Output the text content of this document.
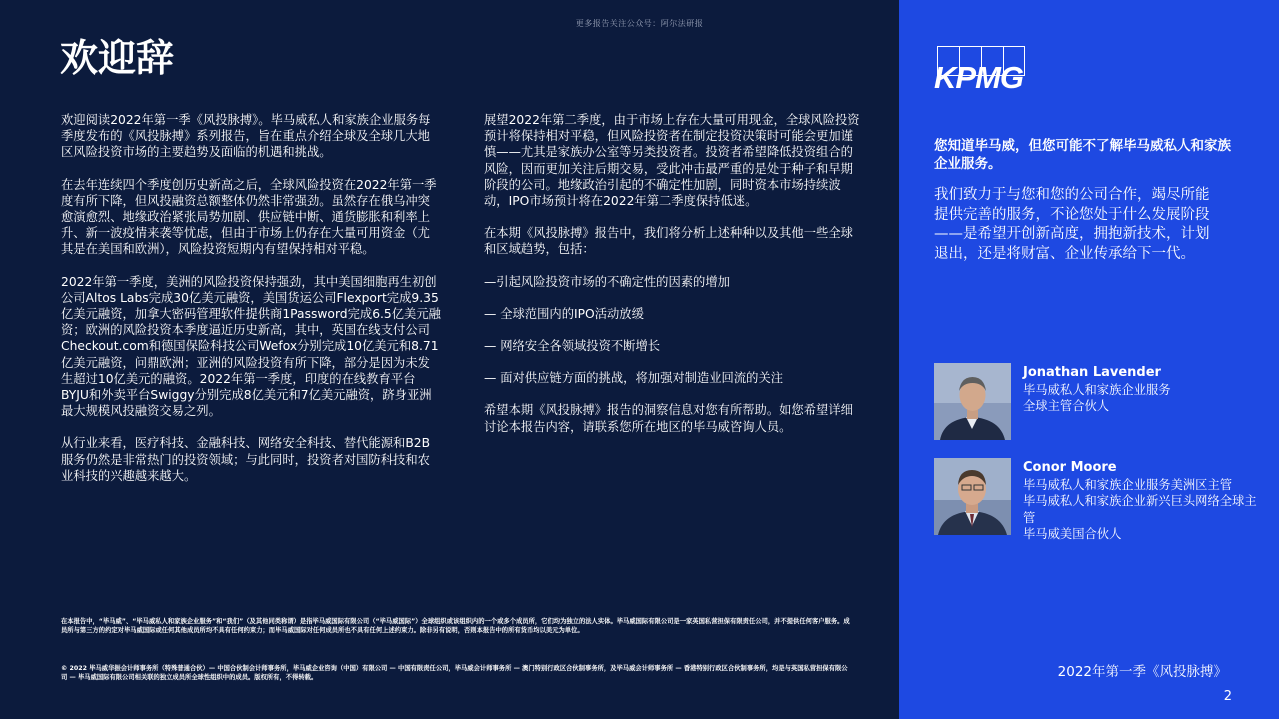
更多报告关注公众号：阿尔法研报
欢迎辞

欢迎阅读2022年第一季《风投脉搏》。毕马威私人和家族企业服务每季度发布的《风投脉搏》系列报告，旨在重点介绍全球及全球几大地区风险投资市场的主要趋势及面临的机遇和挑战。

在去年连续四个季度创历史新高之后，全球风险投资在2022年第一季度有所下降，但风投融资总额整体仍然非常强劲。虽然存在俄乌冲突愈演愈烈、地缘政治紧张局势加剧、供应链中断、通货膨胀和利率上升、新一波疫情来袭等忧虑，但由于市场上仍存在大量可用资金（尤其是在美国和欧洲），风险投资短期内有望保持相对平稳。

2022年第一季度，美洲的风险投资保持强劲，其中美国细胞再生初创公司Altos Labs完成30亿美元融资，美国货运公司Flexport完成9.35亿美元融资，加拿大密码管理软件提供商1Password完成6.5亿美元融资；欧洲的风险投资本季度逼近历史新高，其中，英国在线支付公司Checkout.com和德国保险科技公司Wefox分别完成10亿美元和8.71亿美元融资，问鼎欧洲；亚洲的风险投资有所下降，部分是因为未发生超过10亿美元的融资。2022年第一季度，印度的在线教育平台BYJU和外卖平台Swiggy分别完成8亿美元和7亿美元融资，跻身亚洲最大规模风投融资交易之列。

从行业来看，医疗科技、金融科技、网络安全科技、替代能源和B2B服务仍然是非常热门的投资领域；与此同时，投资者对国防科技和农业科技的兴趣越来越大。

展望2022年第二季度，由于市场上存在大量可用现金，全球风险投资预计将保持相对平稳，但风险投资者在制定投资决策时可能会更加谨慎——尤其是家族办公室等另类投资者。投资者希望降低投资组合的风险，因而更加关注后期交易，受此冲击最严重的是处于种子和早期阶段的公司。地缘政治引起的不确定性加剧，同时资本市场持续波动，IPO市场预计将在2022年第二季度保持低迷。

在本期《风投脉搏》报告中，我们将分析上述种种以及其他一些全球和区域趋势，包括：

—引起风险投资市场的不确定性的因素的增加
— 全球范围内的IPO活动放缓
— 网络安全各领域投资不断增长
— 面对供应链方面的挑战，将加强对制造业回流的关注

希望本期《风投脉搏》报告的洞察信息对您有所帮助。如您希望详细讨论本报告内容，请联系您所在地区的毕马威咨询人员。

在本报告中，“毕马威”、“毕马威私人和家族企业服务”和“我们”（及其他同类称谓）是指毕马威国际有限公司（“毕马威国际”）全球组织或该组织内的一个或多个成员所，它们均为独立的法人实体。毕马威国际有限公司是一家英国私营担保有限责任公司，并不提供任何客户服务。成员所与第三方的约定对毕马威国际或任何其他成员所均不具有任何约束力；而毕马威国际对任何成员所也不具有任何上述约束力。除非另有说明，否则本报告中的所有货币均以美元为单位。
© 2022 毕马威华振会计师事务所（特殊普通合伙）— 中国合伙制会计师事务所，毕马威企业咨询（中国）有限公司 — 中国有限责任公司，毕马威会计师事务所 — 澳门特别行政区合伙制事务所，及毕马威会计师事务所 — 香港特别行政区合伙制事务所，均是与英国私营担保有限公司 — 毕马威国际有限公司相关联的独立成员所全球性组织中的成员。版权所有，不得转载。
KPMG
您知道毕马威，但您可能不了解毕马威私人和家族企业服务。
我们致力于与您和您的公司合作，竭尽所能提供完善的服务，不论您处于什么发展阶段——是希望开创新高度，拥抱新技术，计划退出，还是将财富、企业传承给下一代。
Jonathan Lavender
毕马威私人和家族企业服务
全球主管合伙人
Conor Moore
毕马威私人和家族企业服务美洲区主管
毕马威私人和家族企业新兴巨头网络全球主管
毕马威美国合伙人
2022年第一季《风投脉搏》
2
